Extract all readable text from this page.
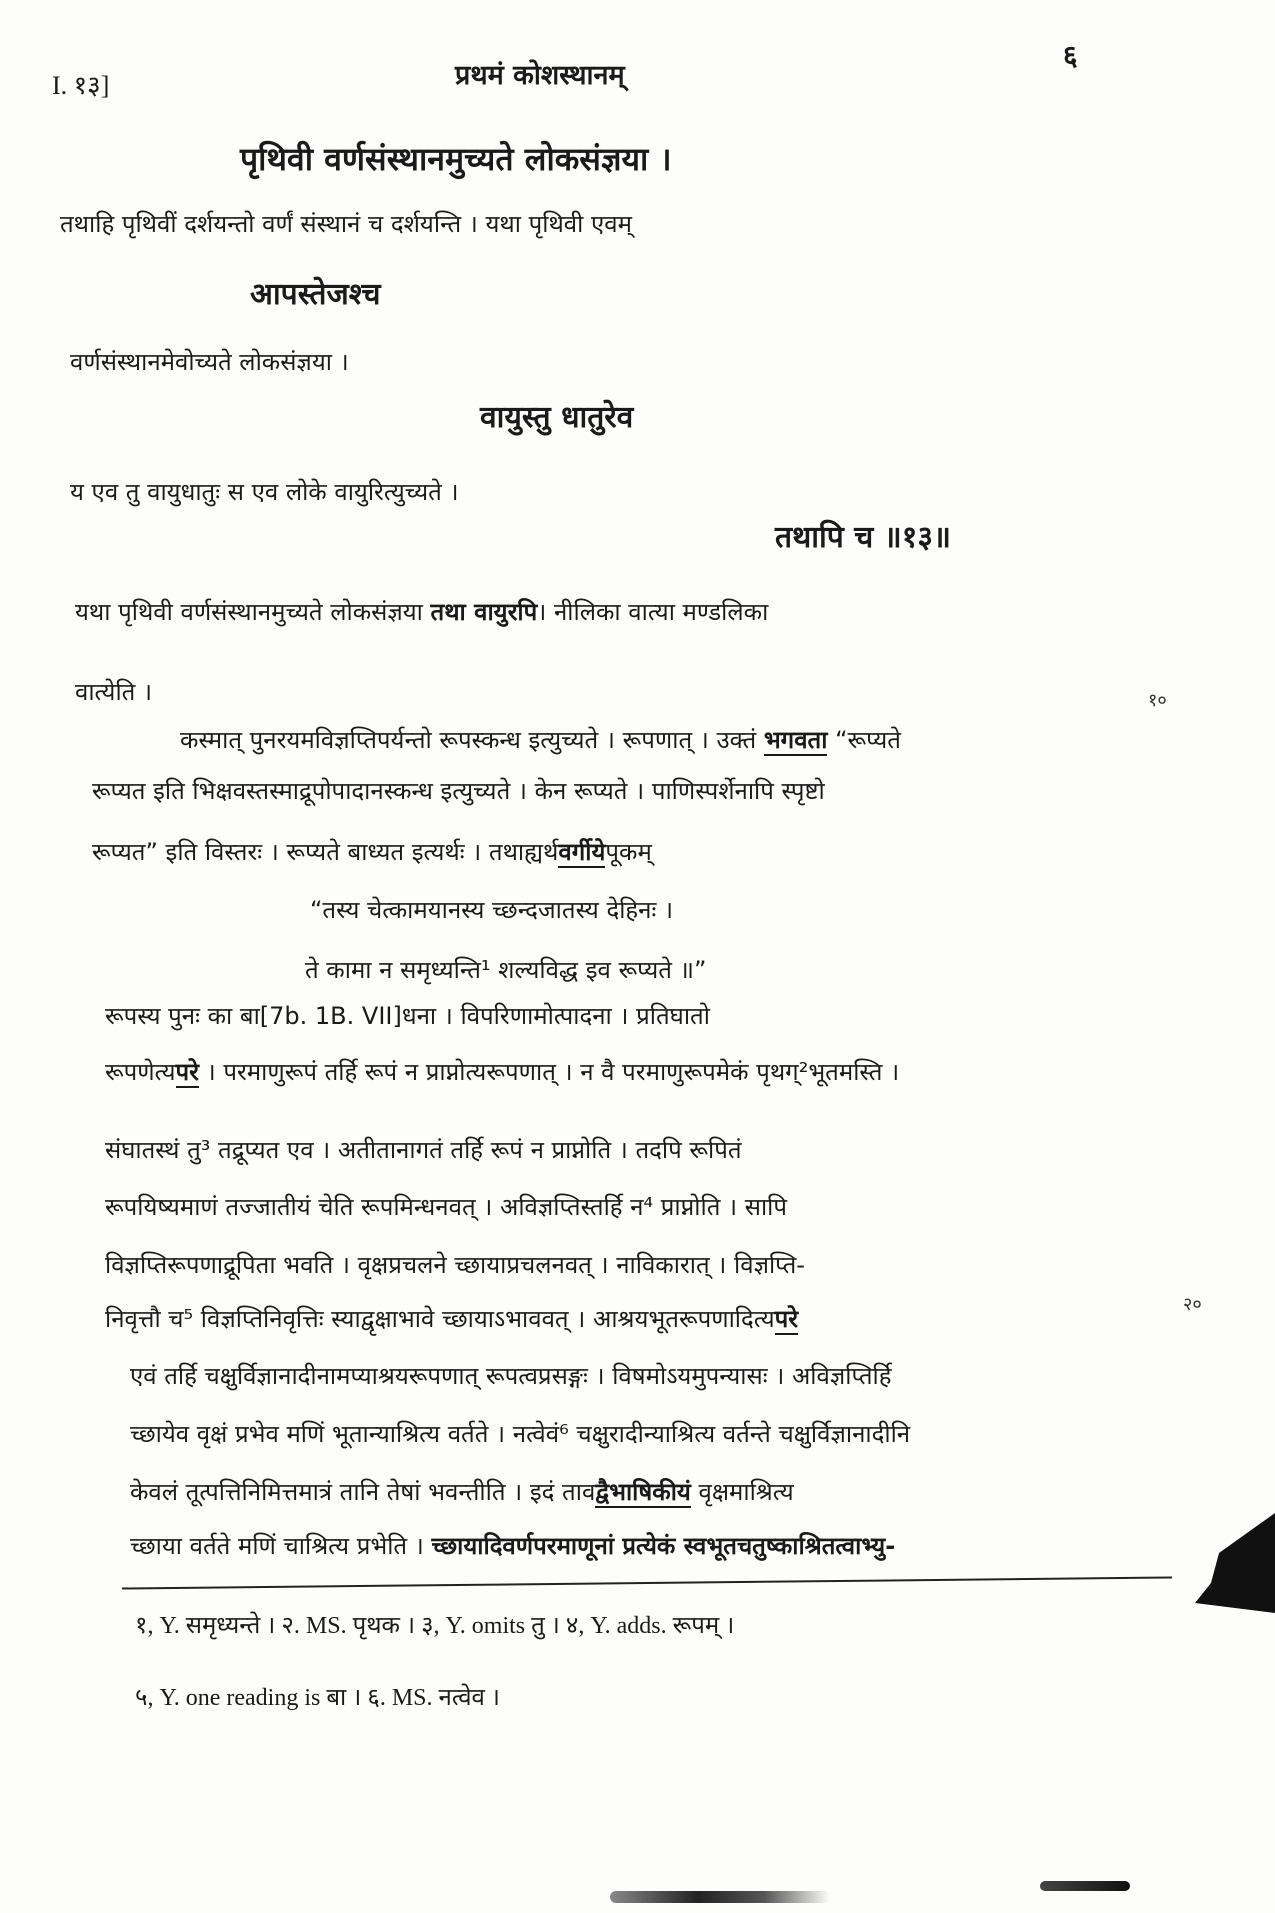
I. १३]	प्रथमं कोशस्थानम्
६
पृथिवी वर्णसंस्थानमुच्यते लोकसंज्ञया ।
तथाहि पृथिवीं दर्शयन्तो वर्णं संस्थानं च दर्शयन्ति । यथा पृथिवी एवम्
आपस्तेजश्च
वर्णसंस्थानमेवोच्यते लोकसंज्ञया ।
वायुस्तु धातुरेव
य एव तु वायुधातुः स एव लोके वायुरित्युच्यते ।
तथापि च ॥१३॥
यथा पृथिवी वर्णसंस्थानमुच्यते लोकसंज्ञया तथा वायुरपि। नीलिका वात्या मण्डलिका
वात्येति ।
कस्मात् पुनरयमविज्ञप्तिपर्यन्तो रूपस्कन्ध इत्युच्यते । रूपणात् । उक्तं भगवता “रूप्यते
१०
रूप्यत इति भिक्षवस्तस्माद्रूपोपादानस्कन्ध इत्युच्यते । केन रूप्यते । पाणिस्पर्शेनापि स्पृष्टो
रूप्यत” इति विस्तरः । रूप्यते बाध्यत इत्यर्थः । तथाह्यर्थवर्गीयेपूकम्
“तस्य चेत्कामयानस्य च्छन्दजातस्य देहिनः ।
ते कामा न समृध्यन्ति¹ शल्यविद्ध इव रूप्यते ॥”
रूपस्य पुनः का बा[7b. 1B. VII]धना । विपरिणामोत्पादना । प्रतिघातो
रूपणेत्यपरे । परमाणुरूपं तर्हि रूपं न प्राप्नोत्यरूपणात् । न वै परमाणुरूपमेकं पृथग्²भूतमस्ति ।
संघातस्थं तु³ तद्रूप्यत एव । अतीतानागतं तर्हि रूपं न प्राप्नोति । तदपि रूपितं
रूपयिष्यमाणं तज्जातीयं चेति रूपमिन्धनवत् । अविज्ञप्तिस्तर्हि न⁴ प्राप्नोति । सापि
विज्ञप्तिरूपणाद्रूपिता भवति । वृक्षप्रचलने च्छायाप्रचलनवत् । नाविकारात् । विज्ञप्ति-
निवृत्तौ च⁵ विज्ञप्तिनिवृत्तिः स्याद्वृक्षाभावे च्छायाऽभाववत् । आश्रयभूतरूपणादित्यपरे
२०
एवं तर्हि चक्षुर्विज्ञानादीनामप्याश्रयरूपणात् रूपत्वप्रसङ्गः । विषमोऽयमुपन्यासः । अविज्ञप्तिर्हि
च्छायेव वृक्षं प्रभेव मणिं भूतान्याश्रित्य वर्तते । नत्वेवं⁶ चक्षुरादीन्याश्रित्य वर्तन्ते चक्षुर्विज्ञानादीनि
केवलं तूत्पत्तिनिमित्तमात्रं तानि तेषां भवन्तीति । इदं तावद्वैभाषिकीयं वृक्षमाश्रित्य
च्छाया वर्तते मणिं चाश्रित्य प्रभेति । च्छायादिवर्णपरमाणूनां प्रत्येकं स्वभूतचतुष्काश्रितत्वाभ्यु-
१, Y. समृध्यन्ते । २. MS. पृथक । ३, Y. omits तु । ४, Y. adds. रूपम् ।
५, Y. one reading is बा । ६. MS. नत्वेव ।
